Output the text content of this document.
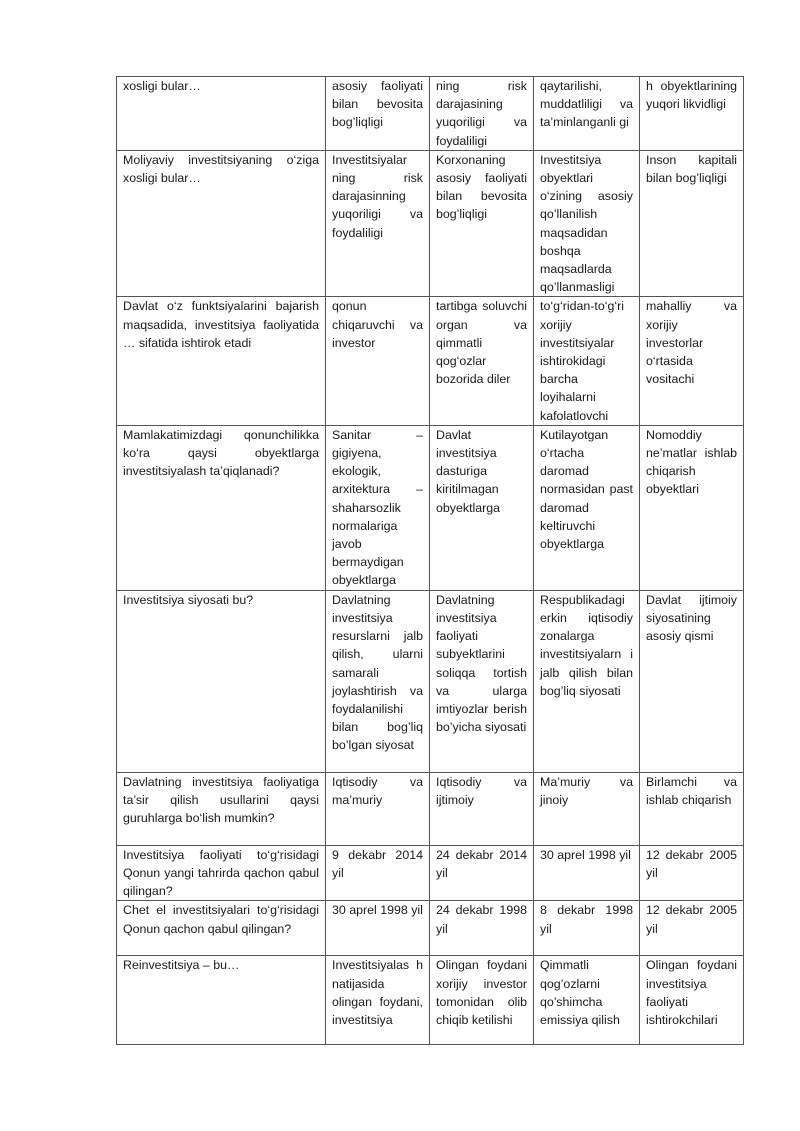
xosligi bular…	asosiy faoliyati bilan bevosita bog’liqligi	ning risk darajasining yuqoriligi va foydaliligi	qaytarilishi, muddatliligi va ta’minlanganli gi	h obyektlarining yuqori likvidligi

Moliyaviy investitsiyaning o‘ziga xosligi bular…	Investitsiyalar ning risk darajasinning yuqoriligi va foydaliligi	Korxonaning asosiy faoliyati bilan bevosita bog’liqligi	Investitsiya obyektlari o‘zining asosiy qo’llanilish maqsadidan boshqa maqsadlarda qo’llanmasligi	Inson kapitali bilan bog’liqligi

Davlat o‘z funktsiyalarini bajarish maqsadida, investitsiya faoliyatida … sifatida ishtirok etadi	qonun chiqaruvchi va investor	tartibga soluvchi organ va qimmatli qog‘ozlar bozorida diler	to‘g‘ridan-to‘g‘ri xorijiy investitsiyalar ishtirokidagi barcha loyihalarni kafolatlovchi	mahalliy va xorijiy investorlar o‘rtasida vositachi

Mamlakatimizdagi qonunchilikka ko‘ra qaysi obyektlarga investitsiyalash ta’qiqlanadi?	Sanitar – gigiyena, ekologik, arxitektura – shaharsozlik normalariga javob bermaydigan obyektlarga	Davlat investitsiya dasturiga kiritilmagan obyektlarga	Kutilayotgan o‘rtacha daromad normasidan past daromad keltiruvchi obyektlarga	Nomoddiy ne’matlar ishlab chiqarish obyektlari

Investitsiya siyosati bu?	Davlatning investitsiya resurslarni jalb qilish, ularni samarali joylashtirish va foydalanilishi bilan bog’liq bo’lgan siyosat	Davlatning investitsiya faoliyati subyektlarini soliqqa tortish va ularga imtiyozlar berish bo’yicha siyosati	Respublikadagi erkin iqtisodiy zonalarga investitsiyalarn i jalb qilish bilan bog’liq siyosati	Davlat ijtimoiy siyosatining asosiy qismi

Davlatning investitsiya faoliyatiga ta’sir qilish usullarini qaysi guruhlarga bo‘lish mumkin?	Iqtisodiy va ma’muriy	Iqtisodiy va ijtimoiy	Ma’muriy va jinoiy	Birlamchi va ishlab chiqarish

Investitsiya faoliyati to‘g‘risidagi Qonun yangi tahrirda qachon qabul qilingan?	9 dekabr 2014 yil	24 dekabr 2014 yil	30 aprel 1998 yil	12 dekabr 2005 yil

Chet el investitsiyalari to‘g‘risidagi Qonun qachon qabul qilingan?	30 aprel 1998 yil	24 dekabr 1998 yil	8 dekabr 1998 yil	12 dekabr 2005 yil

Reinvestitsiya – bu…	Investitsiyalas h natijasida olingan foydani, investitsiya	Olingan foydani xorijiy investor tomonidan olib chiqib ketilishi	Qimmatli qog’ozlarni qo’shimcha emissiya qilish	Olingan foydani investitsiya faoliyati ishtirokchilari
